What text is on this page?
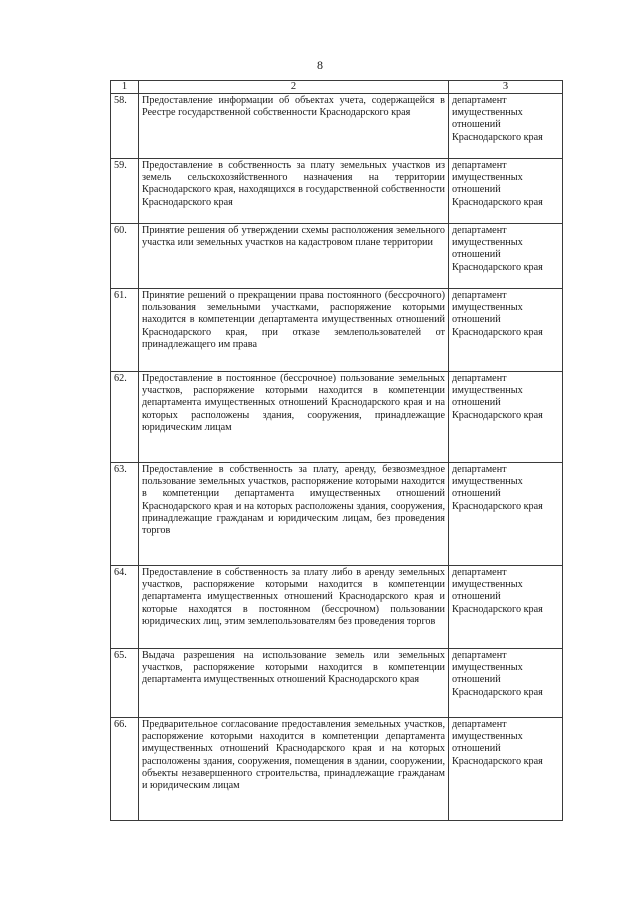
8
1	2	3
58.	Предоставление информации об объектах учета, содержащейся в Реестре государственной собственности Краснодарского края	департамент имущественных отношений Краснодарского края
59.	Предоставление в собственность за плату земельных участков из земель сельскохозяйственного назначения на территории Краснодарского края, находящихся в государственной собственности Краснодарского края	департамент имущественных отношений Краснодарского края
60.	Принятие решения об утверждении схемы расположения земельного участка или земельных участков на кадастровом плане территории	департамент имущественных отношений Краснодарского края
61.	Принятие решений о прекращении права постоянного (бессрочного) пользования земельными участками, распоряжение которыми находится в компетенции департамента имущественных отношений Краснодарского края, при отказе землепользователей от принадлежащего им права	департамент имущественных отношений Краснодарского края
62.	Предоставление в постоянное (бессрочное) пользование земельных участков, распоряжение которыми находится в компетенции департамента имущественных отношений Краснодарского края и на которых расположены здания, сооружения, принадлежащие юридическим лицам	департамент имущественных отношений Краснодарского края
63.	Предоставление в собственность за плату, аренду, безвозмездное пользование земельных участков, распоряжение которыми находится в компетенции департамента имущественных отношений Краснодарского края и на которых расположены здания, сооружения, принадлежащие гражданам и юридическим лицам, без проведения торгов	департамент имущественных отношений Краснодарского края
64.	Предоставление в собственность за плату либо в аренду земельных участков, распоряжение которыми находится в компетенции департамента имущественных отношений Краснодарского края и которые находятся в постоянном (бессрочном) пользовании юридических лиц, этим землепользователям без проведения торгов	департамент имущественных отношений Краснодарского края
65.	Выдача разрешения на использование земель или земельных участков, распоряжение которыми находится в компетенции департамента имущественных отношений Краснодарского края	департамент имущественных отношений Краснодарского края
66.	Предварительное согласование предоставления земельных участков, распоряжение которыми находится в компетенции департамента имущественных отношений Краснодарского края и на которых расположены здания, сооружения, помещения в здании, сооружении, объекты незавершенного строительства, принадлежащие гражданам и юридическим лицам	департамент имущественных отношений Краснодарского края
